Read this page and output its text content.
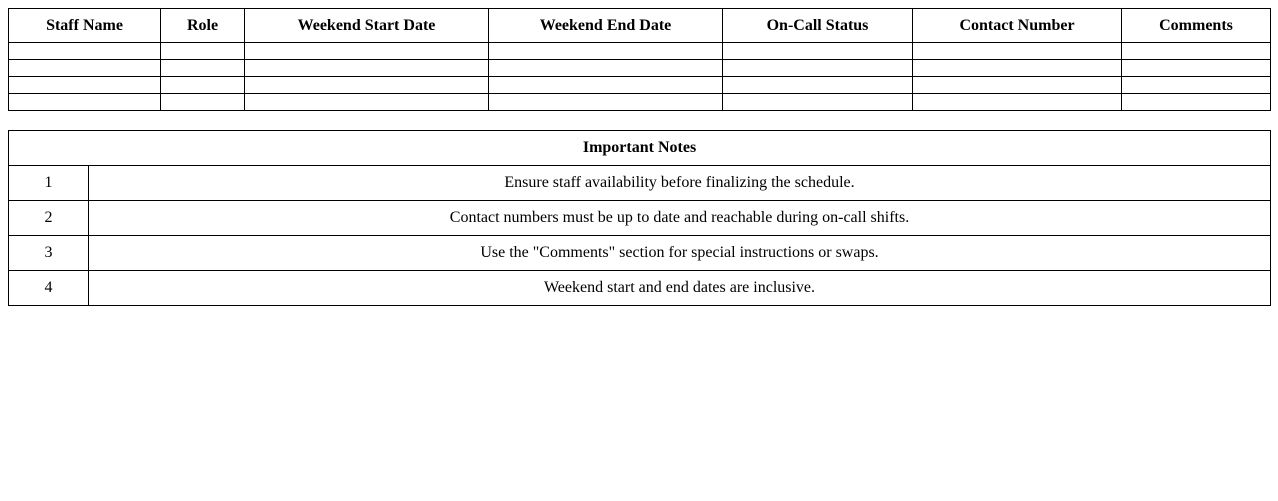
Staff Name	Role	Weekend Start Date	Weekend End Date	On-Call Status	Contact Number	Comments

Important Notes	
1	Ensure staff availability before finalizing the schedule.
2	Contact numbers must be up to date and reachable during on-call shifts.
3	Use the "Comments" section for special instructions or swaps.
4	Weekend start and end dates are inclusive.
